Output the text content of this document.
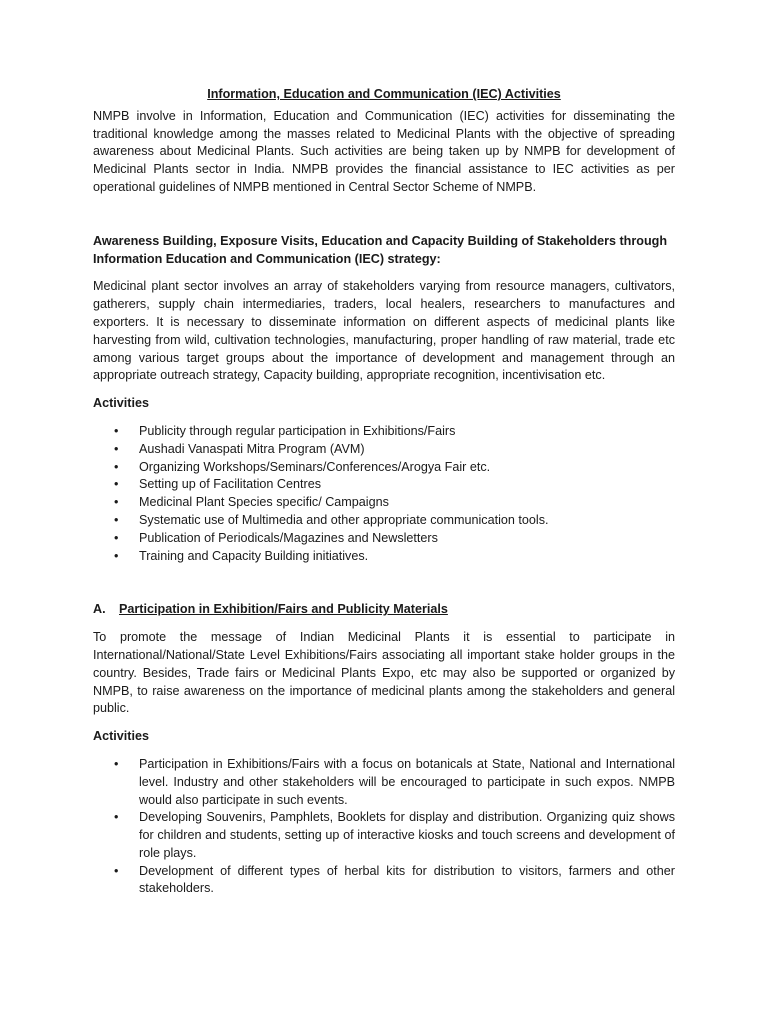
Information, Education and Communication (IEC) Activities

NMPB involve in Information, Education and Communication (IEC) activities for disseminating the traditional knowledge among the masses related to Medicinal Plants with the objective of spreading awareness about Medicinal Plants. Such activities are being taken up by NMPB for development of Medicinal Plants sector in India. NMPB provides the financial assistance to IEC activities as per operational guidelines of NMPB mentioned in Central Sector Scheme of NMPB.

Awareness Building, Exposure Visits, Education and Capacity Building of Stakeholders through Information Education and Communication (IEC) strategy:

Medicinal plant sector involves an array of stakeholders varying from resource managers, cultivators, gatherers, supply chain intermediaries, traders, local healers, researchers to manufactures and exporters. It is necessary to disseminate information on different aspects of medicinal plants like harvesting from wild, cultivation technologies, manufacturing, proper handling of raw material, trade etc among various target groups about the importance of development and management through an appropriate outreach strategy, Capacity building, appropriate recognition, incentivisation etc.

Activities

•	Publicity through regular participation in Exhibitions/Fairs
•	Aushadi Vanaspati Mitra Program (AVM)
•	Organizing Workshops/Seminars/Conferences/Arogya Fair etc.
•	Setting up of Facilitation Centres
•	Medicinal Plant Species specific/ Campaigns
•	Systematic use of Multimedia and other appropriate communication tools.
•	Publication of Periodicals/Magazines and Newsletters
•	Training and Capacity Building initiatives.

A. Participation in Exhibition/Fairs and Publicity Materials

To promote the message of Indian Medicinal Plants it is essential to participate in International/National/State Level Exhibitions/Fairs associating all important stake holder groups in the country. Besides, Trade fairs or Medicinal Plants Expo, etc may also be supported or organized by NMPB, to raise awareness on the importance of medicinal plants among the stakeholders and general public.

Activities

•	Participation in Exhibitions/Fairs with a focus on botanicals at State, National and International level. Industry and other stakeholders will be encouraged to participate in such expos. NMPB would also participate in such events.
•	Developing Souvenirs, Pamphlets, Booklets for display and distribution. Organizing quiz shows for children and students, setting up of interactive kiosks and touch screens and development of role plays.
•	Development of different types of herbal kits for distribution to visitors, farmers and other stakeholders.
